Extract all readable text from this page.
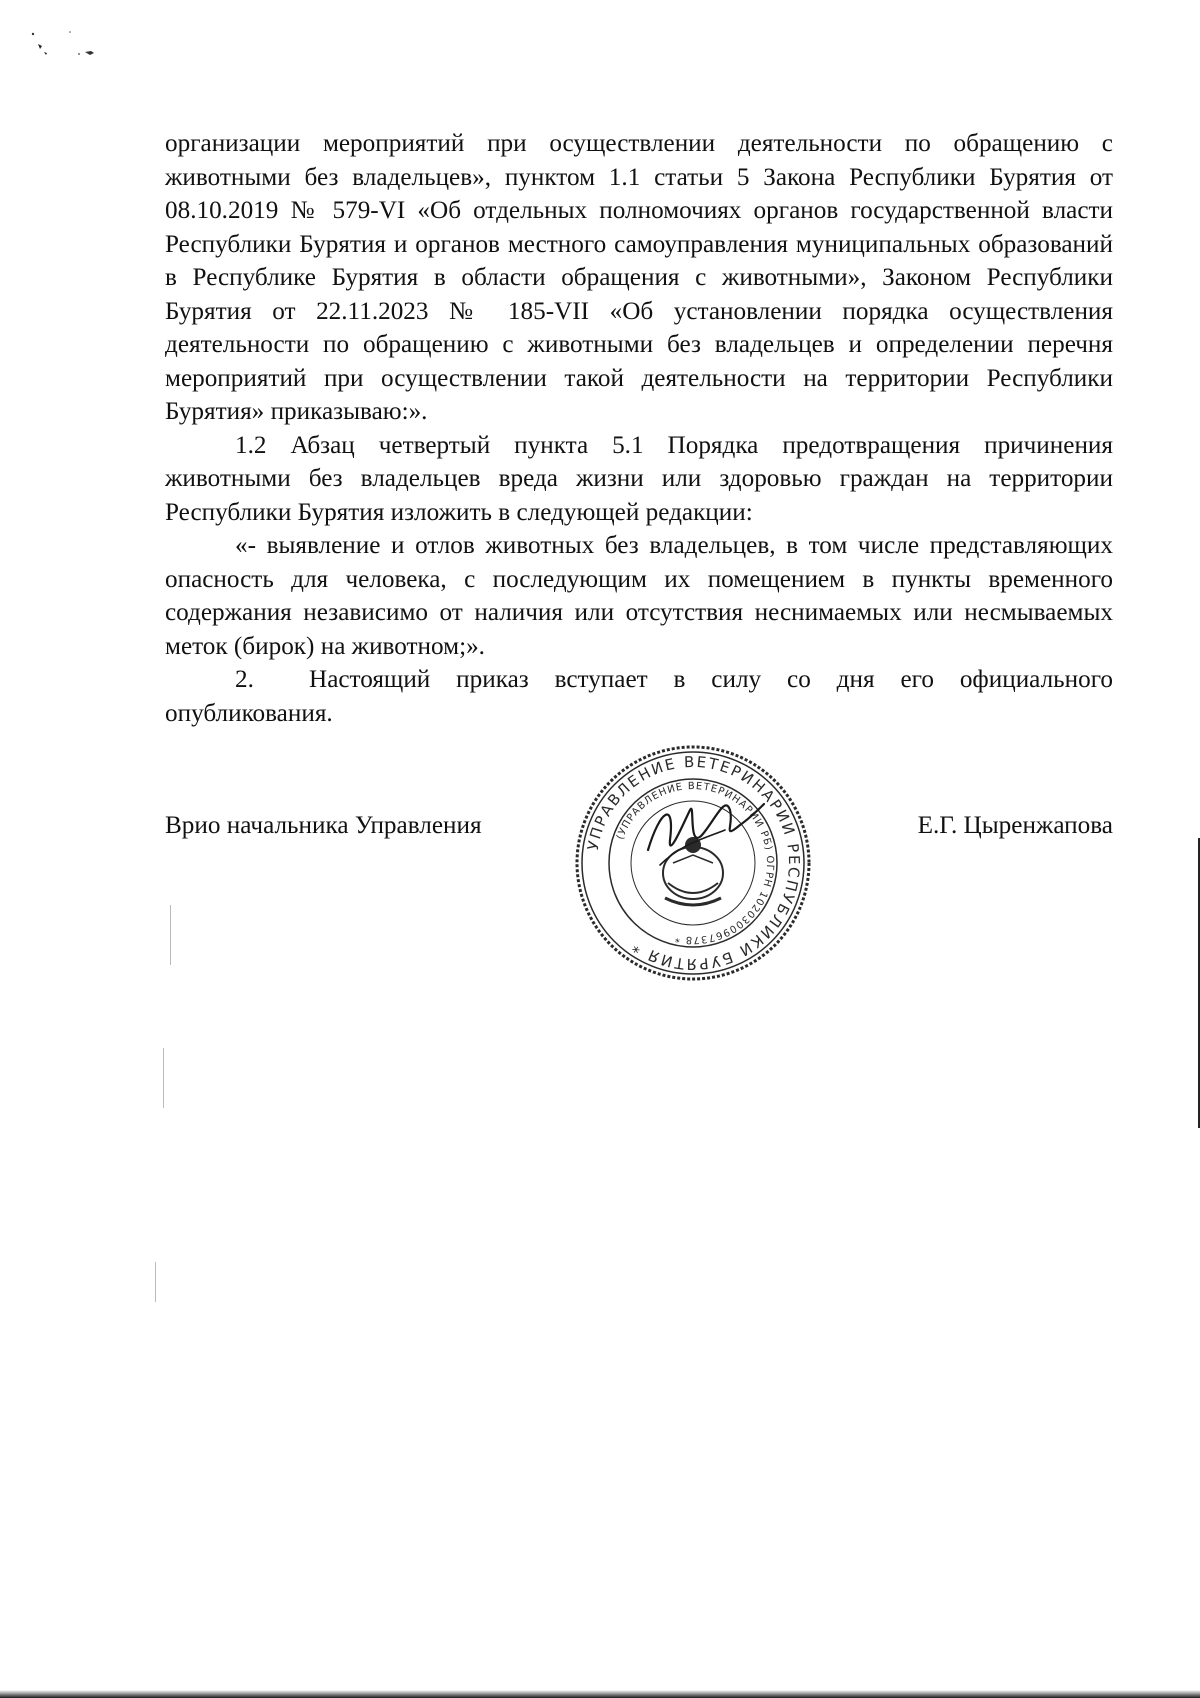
организации мероприятий при осуществлении деятельности по обращению с животными без владельцев», пунктом 1.1 статьи 5 Закона Республики Бурятия от 08.10.2019 № 579-VI «Об отдельных полномочиях органов государственной власти Республики Бурятия и органов местного самоуправления муниципальных образований в Республике Бурятия в области обращения с животными», Законом Республики Бурятия от 22.11.2023 № 185-VII «Об установлении порядка осуществления деятельности по обращению с животными без владельцев и определении перечня мероприятий при осуществлении такой деятельности на территории Республики Бурятия» приказываю:».

1.2 Абзац четвертый пункта 5.1 Порядка предотвращения причинения животными без владельцев вреда жизни или здоровью граждан на территории Республики Бурятия изложить в следующей редакции:

«- выявление и отлов животных без владельцев, в том числе представляющих опасность для человека, с последующим их помещением в пункты временного содержания независимо от наличия или отсутствия неснимаемых или несмываемых меток (бирок) на животном;».

2. Настоящий приказ вступает в силу со дня его официального опубликования.

Врио начальника Управления	Е.Г. Цыренжапова
УПРАВЛЕНИЕ ВЕТЕРИНАРИИ РЕСПУБЛИКИ БУРЯТИЯ *
(УПРАВЛЕНИЕ ВЕТЕРИНАРИИ РБ) ОГРН 1020300967378 *
